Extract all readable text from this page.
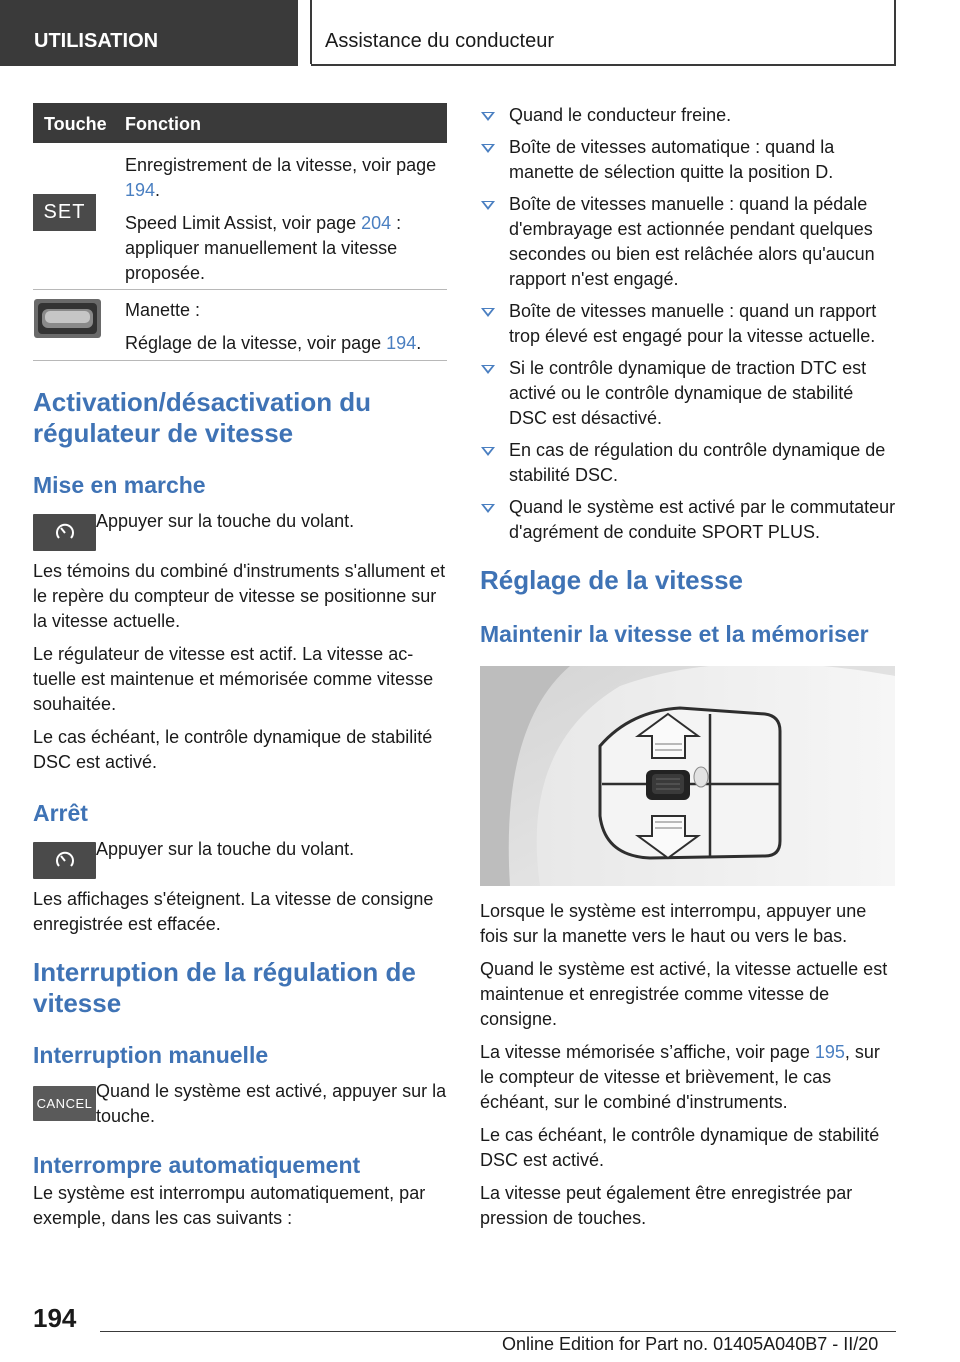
UTILISATION	Assistance du conducteur
Touche Fonction
SET

Enregistrement de la vitesse, voir page 194.

Speed Limit Assist, voir page 204 : appliquer manuellement la vitesse proposée.

Manette :

Réglage de la vitesse, voir page 194.

Activation/désactivation du régulateur de vitesse
Mise en marche
Appuyer sur la touche du volant.

Les témoins du combiné d'instruments s'allument et le repère du compteur de vitesse se positionne sur la vitesse actuelle.

Le régulateur de vitesse est actif. La vitesse actuelle est maintenue et mémorisée comme vitesse souhaitée.

Le cas échéant, le contrôle dynamique de stabilité DSC est activé.

Arrêt
Appuyer sur la touche du volant.

Les affichages s'éteignent. La vitesse de consigne enregistrée est effacée.

Interruption de la régulation de vitesse
Interruption manuelle
CANCEL
Quand le système est activé, appuyer sur la touche.
Interrompre automatiquement

Le système est interrompu automatiquement, par exemple, dans les cas suivants :

Quand le conducteur freine.
Boîte de vitesses automatique : quand la manette de sélection quitte la position D.
Boîte de vitesses manuelle : quand la pédale d'embrayage est actionnée pendant quelques secondes ou bien est relâchée alors qu'aucun rapport n'est engagé.
Boîte de vitesses manuelle : quand un rapport trop élevé est engagé pour la vitesse actuelle.
Si le contrôle dynamique de traction DTC est activé ou le contrôle dynamique de stabilité DSC est désactivé.
En cas de régulation du contrôle dynamique de stabilité DSC.
Quand le système est activé par le commutateur d'agrément de conduite SPORT PLUS.
Réglage de la vitesse
Maintenir la vitesse et la mémoriser

Lorsque le système est interrompu, appuyer une fois sur la manette vers le haut ou vers le bas.

Quand le système est activé, la vitesse actuelle est maintenue et enregistrée comme vitesse de consigne.

La vitesse mémorisée s’affiche, voir page 195, sur le compteur de vitesse et brièvement, le cas échéant, sur le combiné d'instruments.

Le cas échéant, le contrôle dynamique de stabilité DSC est activé.

La vitesse peut également être enregistrée par pression de touches.

194
Online Edition for Part no. 01405A040B7 - II/20
